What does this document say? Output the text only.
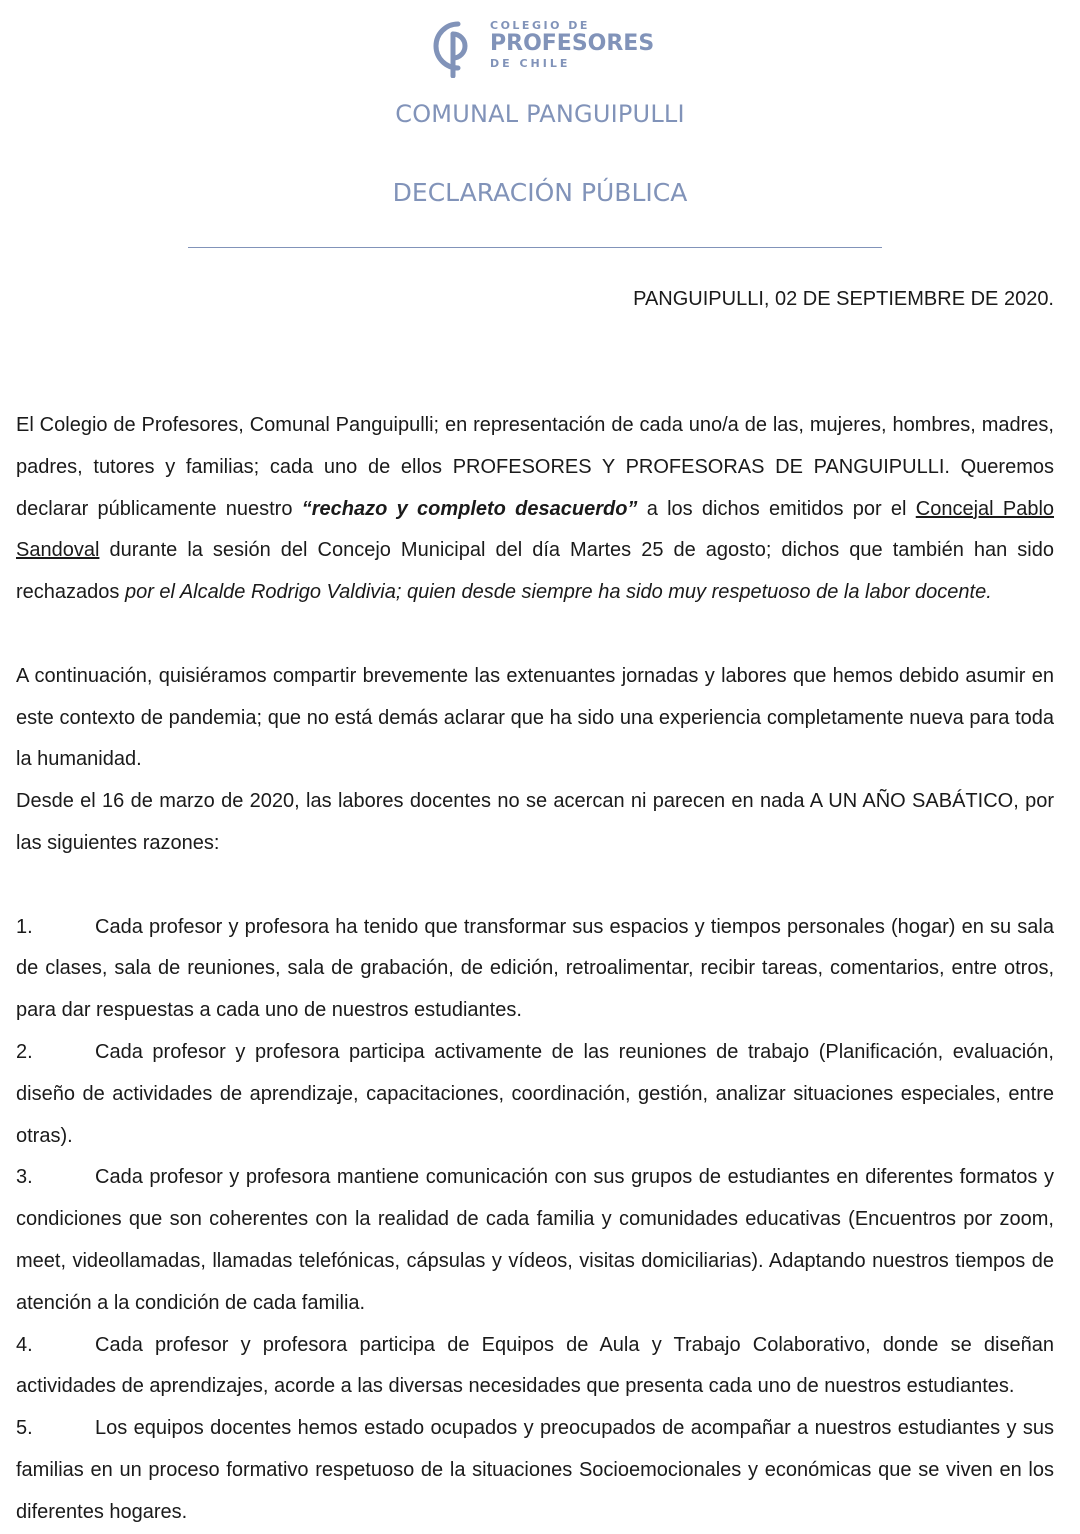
COLEGIO DE
PROFESORES
DE CHILE
COMUNAL PANGUIPULLI
DECLARACIÓN PÚBLICA
PANGUIPULLI, 02 DE SEPTIEMBRE DE 2020.

El Colegio de Profesores, Comunal Panguipulli; en representación de cada uno/a de las, mujeres, hombres, madres, padres, tutores y familias; cada uno de ellos PROFESORES Y PROFESORAS DE PANGUIPULLI. Queremos declarar públicamente nuestro “rechazo y completo desacuerdo” a los dichos emitidos por el Concejal Pablo Sandoval durante la sesión del Concejo Municipal del día Martes 25 de agosto; dichos que también han sido rechazados por el Alcalde Rodrigo Valdivia; quien desde siempre ha sido muy respetuoso de la labor docente.

A continuación, quisiéramos compartir brevemente las extenuantes jornadas y labores que hemos debido asumir en este contexto de pandemia; que no está demás aclarar que ha sido una experiencia completamente nueva para toda la humanidad.

Desde el 16 de marzo de 2020, las labores docentes no se acercan ni parecen en nada A UN AÑO SABÁTICO, por las siguientes razones:

1.	Cada profesor y profesora ha tenido que transformar sus espacios y tiempos personales (hogar) en su sala de clases, sala de reuniones, sala de grabación, de edición, retroalimentar, recibir tareas, comentarios, entre otros, para dar respuestas a cada uno de nuestros estudiantes.

2.	Cada profesor y profesora participa activamente de las reuniones de trabajo (Planificación, evaluación, diseño de actividades de aprendizaje, capacitaciones, coordinación, gestión, analizar situaciones especiales, entre otras).

3.	Cada profesor y profesora mantiene comunicación con sus grupos de estudiantes en diferentes formatos y condiciones que son coherentes con la realidad de cada familia y comunidades educativas (Encuentros por zoom, meet, videollamadas, llamadas telefónicas, cápsulas y vídeos, visitas domiciliarias). Adaptando nuestros tiempos de atención a la condición de cada familia.

4.	Cada profesor y profesora participa de Equipos de Aula y Trabajo Colaborativo, donde se diseñan actividades de aprendizajes, acorde a las diversas necesidades que presenta cada uno de nuestros estudiantes.

5.	Los equipos docentes hemos estado ocupados y preocupados de acompañar a nuestros estudiantes y sus familias en un proceso formativo respetuoso de la situaciones Socioemocionales y económicas que se viven en los diferentes hogares.
